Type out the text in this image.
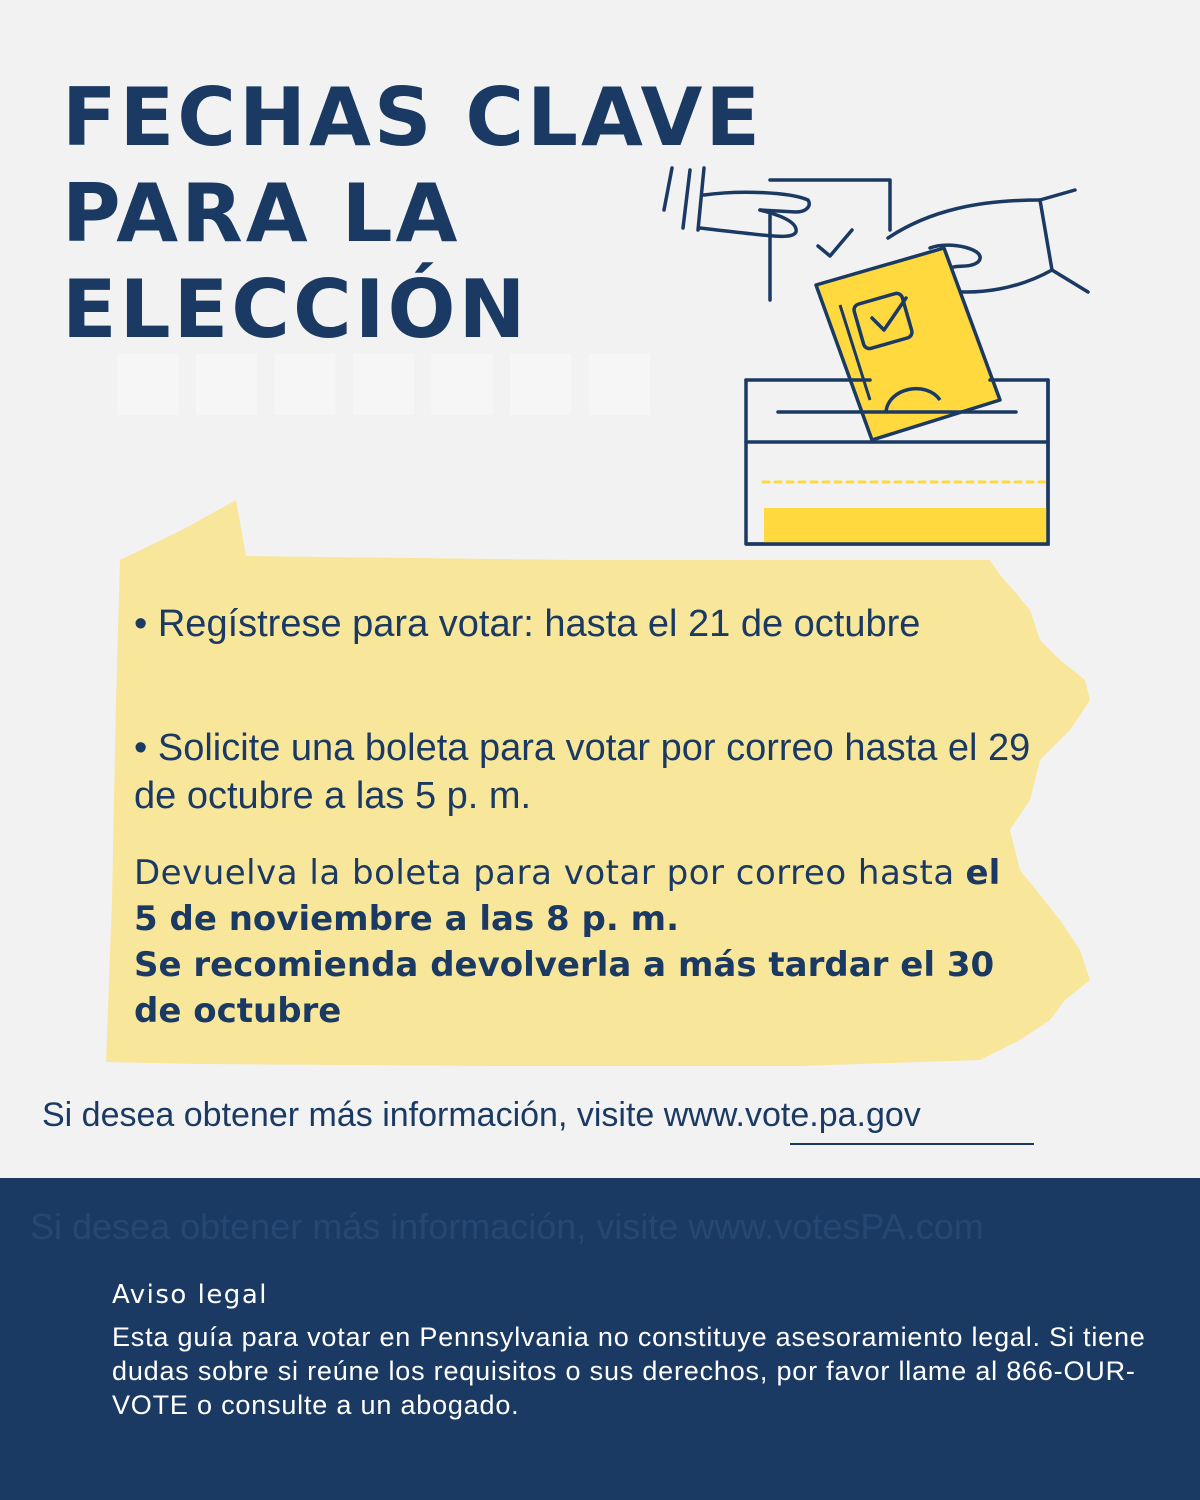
■■■■■■■
FECHAS CLAVE
PARA LA
ELECCIÓN

• Regístrese para votar: hasta el 21 de octubre

• Solicite una boleta para votar por correo hasta el 29 de octubre a las 5 p. m.

Devuelva la boleta para votar por correo hasta el 5 de noviembre a las 8 p. m.
Se recomienda devolverla a más tardar el 30 de octubre

Si desea obtener más información, visite www.vote.pa.gov

Si desea obtener más información, visite www.votesPA.com

Aviso legal

Esta guía para votar en Pennsylvania no constituye asesoramiento legal. Si tiene dudas sobre si reúne los requisitos o sus derechos, por favor llame al 866-OUR-VOTE o consulte a un abogado.
